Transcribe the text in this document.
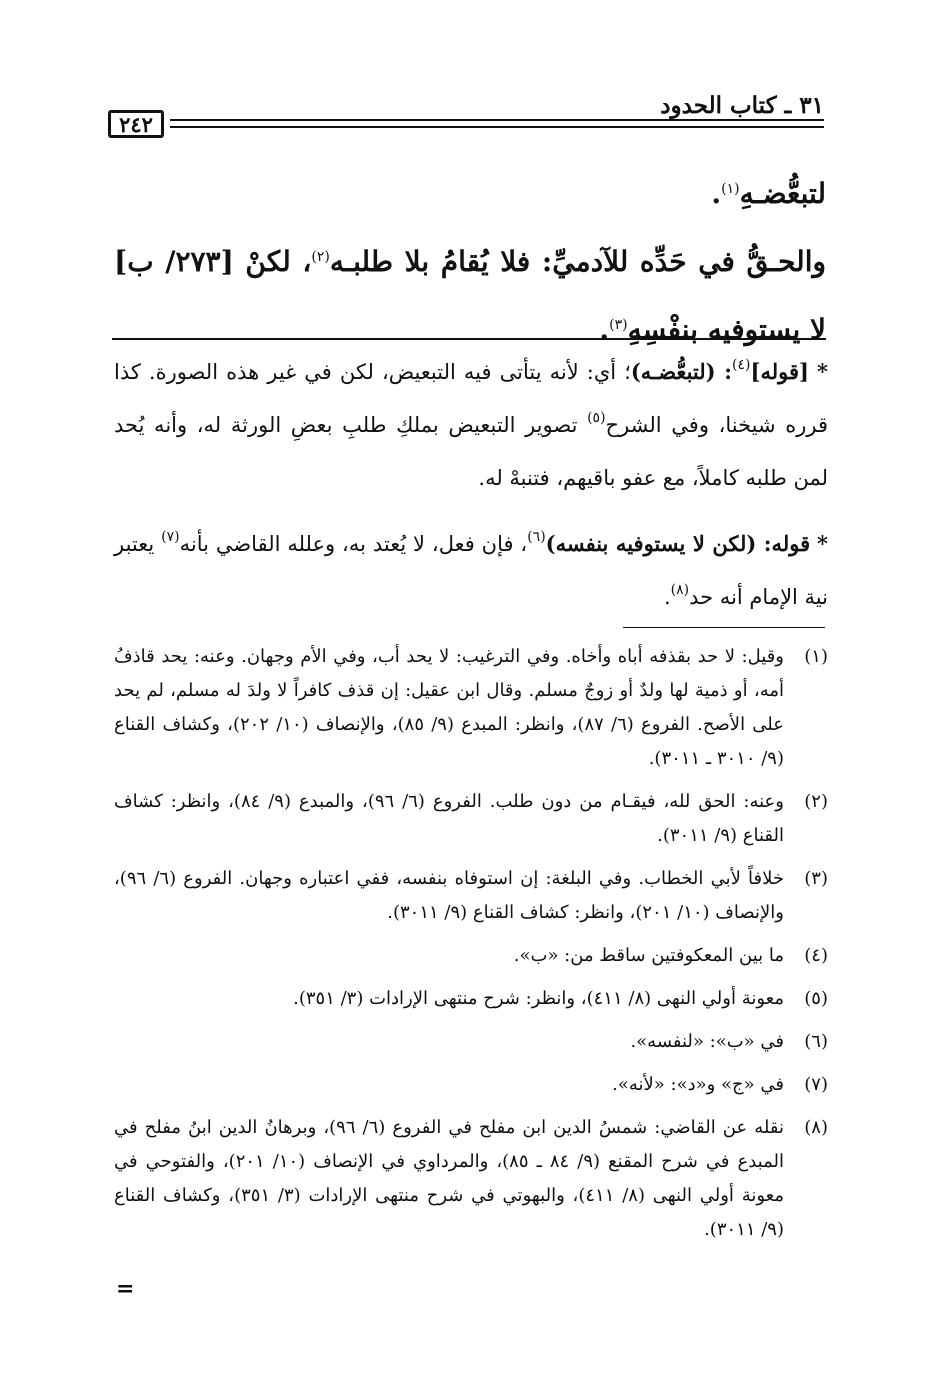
٣١ ـ كتاب الحدود
٢٤٢

لتبعُّضـهِ$^{(١)}$.

والحـقُّ في حَدِّه للآدميِّ: فلا يُقامُ بلا طلبـه$^{(٢)}$، لكنْ [٢٧٣/ ب] لا يستوفيه بنفْسِهِ$^{(٣)}$.

* [قوله]$^{(٤)}$: (لتبعُّضـه)؛ أي: لأنه يتأتى فيه التبعيض، لكن في غير هذه الصورة. كذا قرره شيخنا، وفي الشرح$^{(٥)}$ تصوير التبعيض بملكِ طلبِ بعضِ الورثة له، وأنه يُحد لمن طلبه كاملاً، مع عفو باقيهم، فتنبهْ له.

* قوله: (لكن لا يستوفيه بنفسه)$^{(٦)}$، فإن فعل، لا يُعتد به، وعلله القاضي بأنه$^{(٧)}$ يعتبر نية الإمام أنه حد$^{(٨)}$.

(١)
وقيل: لا حد بقذفه أباه وأخاه. وفي الترغيب: لا يحد أب، وفي الأم وجهان. وعنه: يحد قاذفُ أمه، أو ذمية لها ولدٌ أو زوجٌ مسلم. وقال ابن عقيل: إن قذف كافراً لا ولدَ له مسلم، لم يحد على الأصح. الفروع (٦/ ٨٧)، وانظر: المبدع (٩/ ٨٥)، والإنصاف (١٠/ ٢٠٢)، وكشاف القناع (٩/ ٣٠١٠ ـ ٣٠١١).
(٢)
وعنه: الحق لله، فيقـام من دون طلب. الفروع (٦/ ٩٦)، والمبدع (٩/ ٨٤)، وانظر: كشاف القناع (٩/ ٣٠١١).
(٣)
خلافاً لأبي الخطاب. وفي البلغة: إن استوفاه بنفسه، ففي اعتباره وجهان. الفروع (٦/ ٩٦)، والإنصاف (١٠/ ٢٠١)، وانظر: كشاف القناع (٩/ ٣٠١١).
(٤)
ما بين المعكوفتين ساقط من: «ب».
(٥)
معونة أولي النهى (٨/ ٤١١)، وانظر: شرح منتهى الإرادات (٣/ ٣٥١).
(٦)
في «ب»: «لنفسه».
(٧)
في «ج» و«د»: «لأنه».
(٨)
نقله عن القاضي: شمسُ الدين ابن مفلح في الفروع (٦/ ٩٦)، وبرهانُ الدين ابنُ مفلح في المبدع في شرح المقنع (٩/ ٨٤ ـ ٨٥)، والمرداوي في الإنصاف (١٠/ ٢٠١)، والفتوحي في معونة أولي النهى (٨/ ٤١١)، والبهوتي في شرح منتهى الإرادات (٣/ ٣٥١)، وكشاف القناع (٩/ ٣٠١١).
=
